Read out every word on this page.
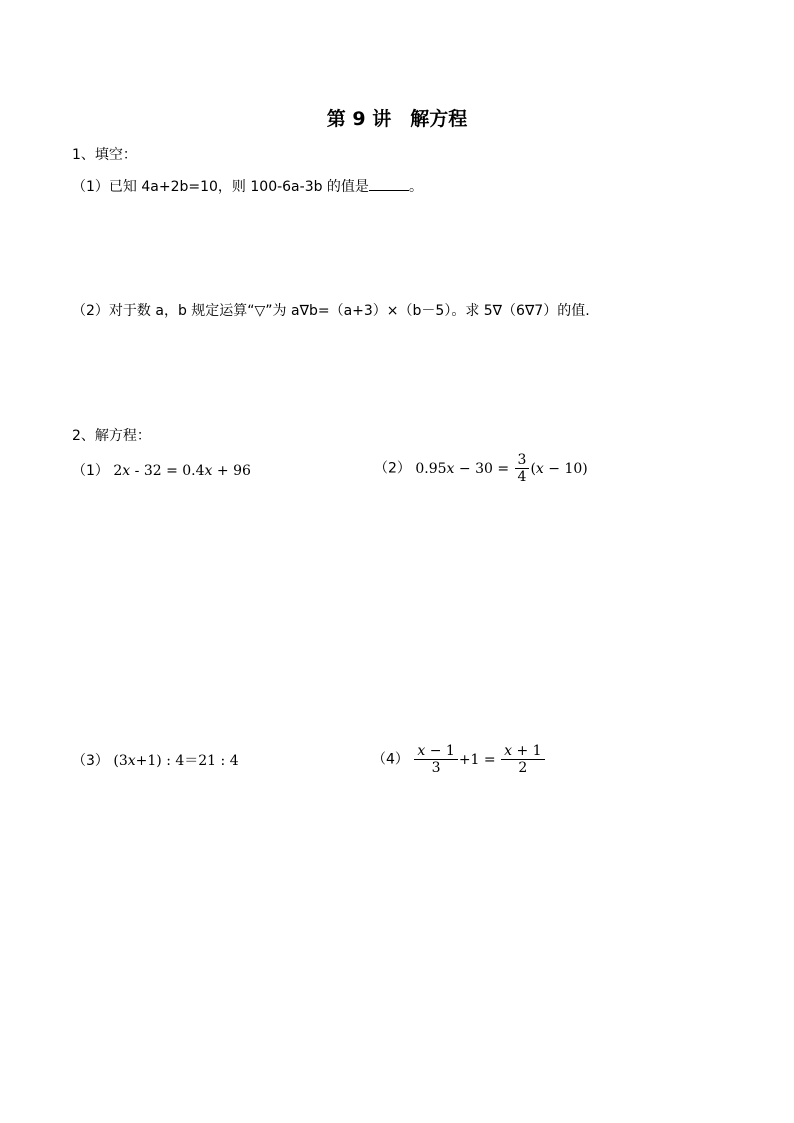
第 9 讲　解方程
1、填空：
（1）已知 4a+2b=10，则 100-6a-3b 的值是	。
（2）对于数 a，b 规定运算“▽”为 a∇b=（a+3）×（b－5）。求 5∇（6∇7）的值.
2、解方程：
（1） 2x - 32 = 0.4x + 96	（2） $0.95x - 30 = \frac{3}{4} (x - 10)$
（3） (3x+1) : 4＝21 : 4	$(4) \frac{x - 1}{3} +1 = \frac{x + 1}{2}$
